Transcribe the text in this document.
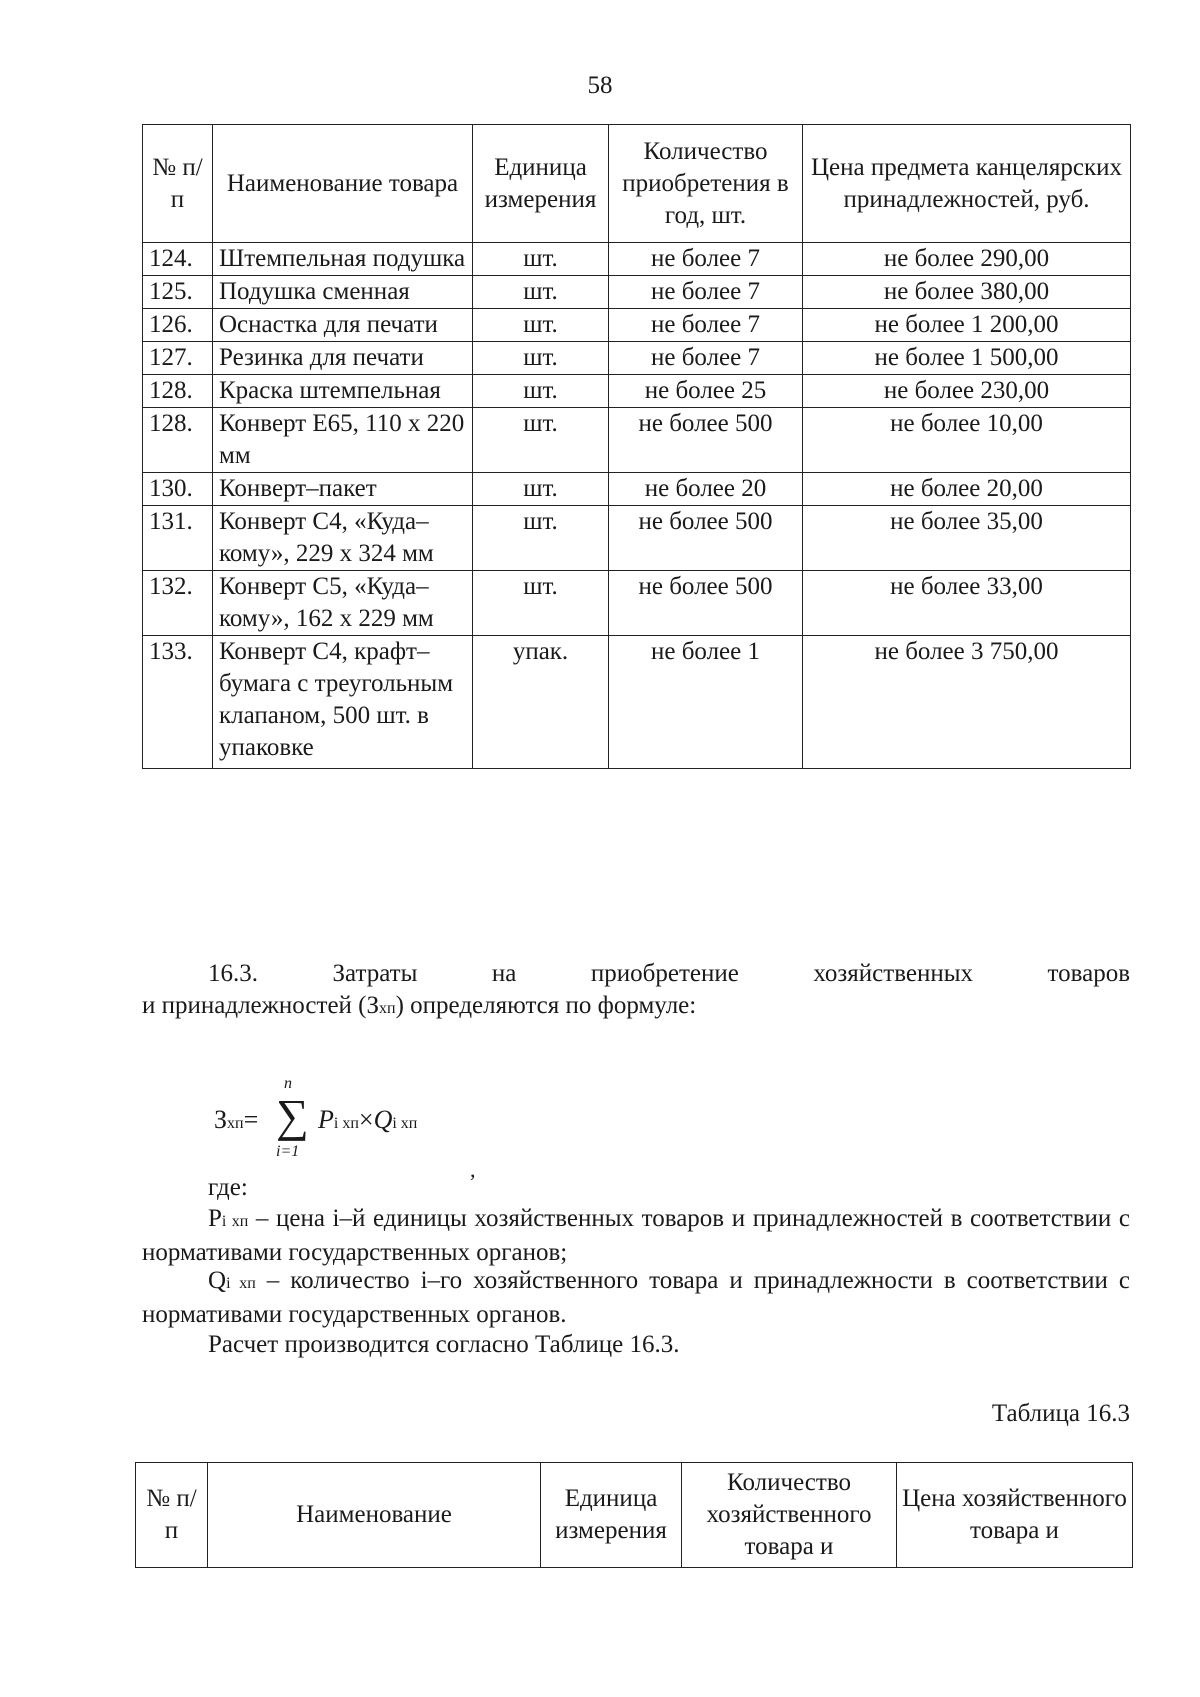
58
№ п/п	Наименование товара	Единица измерения	Количество приобретения в год, шт.	Цена предмета канцелярских принадлежностей, руб.
124.	Штемпельная подушка	шт.	не более 7	не более 290,00
125.	Подушка сменная	шт.	не более 7	не более 380,00
126.	Оснастка для печати	шт.	не более 7	не более 1 200,00
127.	Резинка для печати	шт.	не более 7	не более 1 500,00
128.	Краска штемпельная	шт.	не более 25	не более 230,00
128.	Конверт Е65, 110 х 220 мм	шт.	не более 500	не более 10,00
130.	Конверт–пакет	шт.	не более 20	не более 20,00
131.	Конверт С4, «Куда–кому», 229 х 324 мм	шт.	не более 500	не более 35,00
132.	Конверт С5, «Куда–кому», 162 х 229 мм	шт.	не более 500	не более 33,00
133.	Конверт С4, крафт–бумага с треугольным клапаном, 500 шт. в упаковке	упак.	не более 1	не более 3 750,00
16.3. Затраты на приобретение хозяйственных товаров
и принадлежностей (Зхп) определяются по формуле:
Зхп=
n
∑
i=1
Pi хп×Qi хп
,
где:
Pi хп – цена i–й единицы хозяйственных товаров и принадлежностей в соответствии с нормативами государственных органов;
Qi хп – количество i–го хозяйственного товара и принадлежности в соответствии с нормативами государственных органов.
Расчет производится согласно Таблице 16.3.
Таблица 16.3
№ п/п	Наименование	Единица измерения	Количество хозяйственного товара и	Цена хозяйственного товара и
